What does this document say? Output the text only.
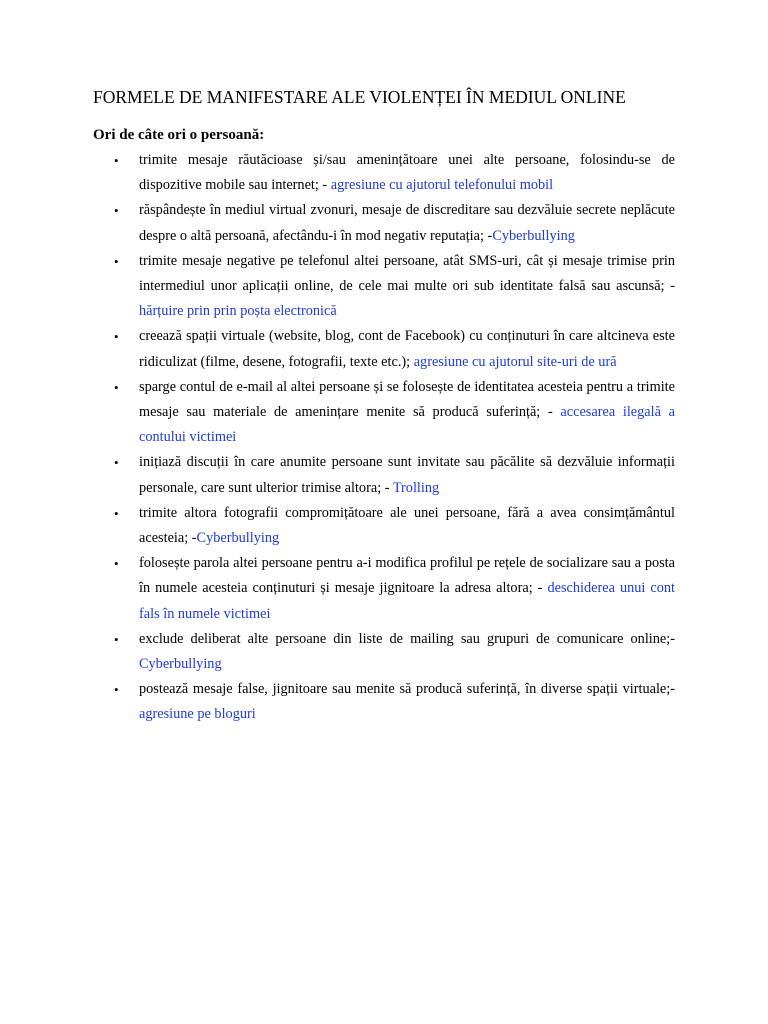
FORMELE DE MANIFESTARE ALE VIOLENȚEI ÎN MEDIUL ONLINE

Ori de câte ori o persoană:

• trimite mesaje răutăcioase și/sau amenințătoare unei alte persoane, folosindu-se de dispozitive mobile sau internet; - agresiune cu ajutorul telefonului mobil
• răspândește în mediul virtual zvonuri, mesaje de discreditare sau dezvăluie secrete neplăcute despre o altă persoană, afectându-i în mod negativ reputația; -Cyberbullying
• trimite mesaje negative pe telefonul altei persoane, atât SMS-uri, cât și mesaje trimise prin intermediul unor aplicații online, de cele mai multe ori sub identitate falsă sau ascunsă; - hărțuire prin prin poșta electronică
• creează spații virtuale (website, blog, cont de Facebook) cu conținuturi în care altcineva este ridiculizat (filme, desene, fotografii, texte etc.); agresiune cu ajutorul site-uri de ură
• sparge contul de e-mail al altei persoane și se folosește de identitatea acesteia pentru a trimite mesaje sau materiale de amenințare menite să producă suferință; - accesarea ilegală a contului victimei
• inițiază discuții în care anumite persoane sunt invitate sau păcălite să dezvăluie informații personale, care sunt ulterior trimise altora; - Trolling
• trimite altora fotografii compromițătoare ale unei persoane, fără a avea consimțământul acesteia; -Cyberbullying
• folosește parola altei persoane pentru a-i modifica profilul pe rețele de socializare sau a posta în numele acesteia conținuturi și mesaje jignitoare la adresa altora; - deschiderea unui cont fals în numele victimei
• exclude deliberat alte persoane din liste de mailing sau grupuri de comunicare online;- Cyberbullying
• postează mesaje false, jignitoare sau menite să producă suferință, în diverse spații virtuale;- agresiune pe bloguri
